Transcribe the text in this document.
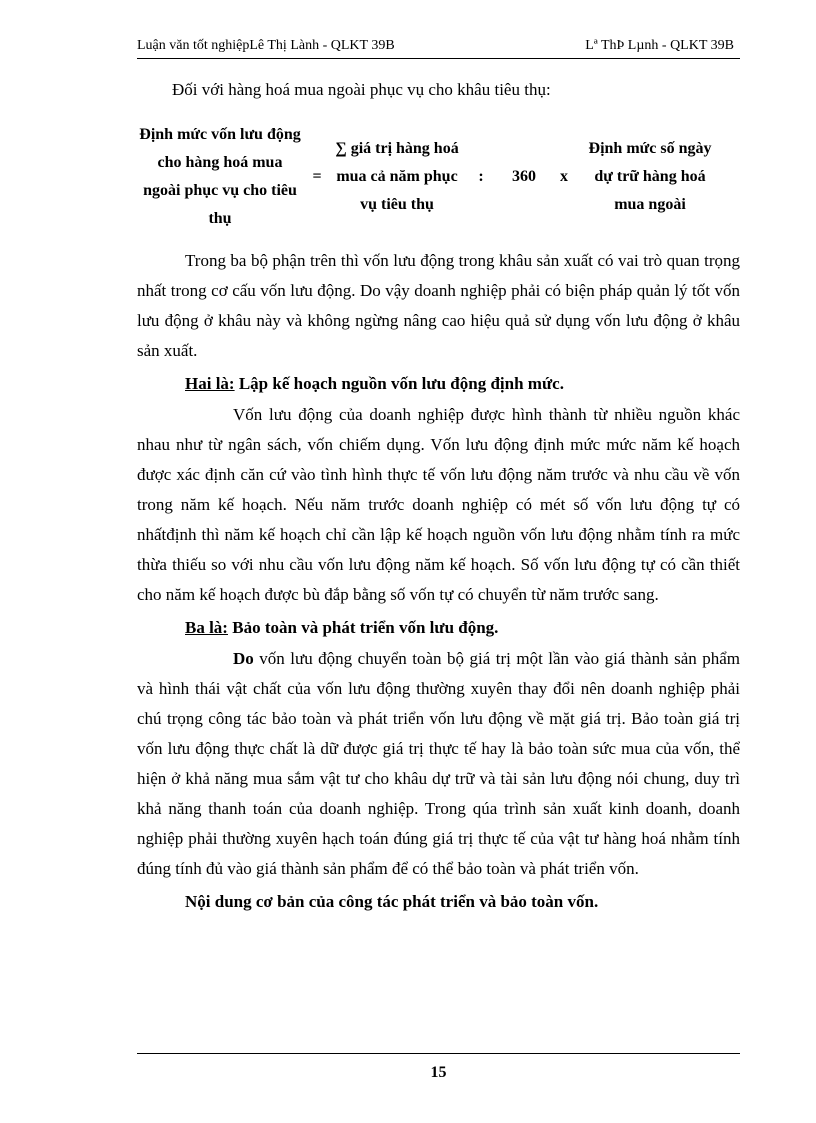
Luận văn tốt nghiệpLê Thị Lành - QLKT 39B	Lª ThÞ Lµnh - QLKT 39B

Đối với hàng hoá mua ngoài phục vụ cho khâu tiêu thụ:

Định mức vốn lưu động cho hàng hoá mua ngoài phục vụ cho tiêu thụ
=
∑ giá trị hàng hoá mua cả năm phục vụ tiêu thụ
:	360	x
Định mức số ngày dự trữ hàng hoá mua ngoài

Trong ba bộ phận trên thì vốn lưu động trong khâu sản xuất có vai trò quan trọng nhất trong cơ cấu vốn lưu động. Do vậy doanh nghiệp phải có biện pháp quản lý tốt vốn lưu động ở khâu này và không ngừng nâng cao hiệu quả sử dụng vốn lưu động ở khâu sản xuất.

Hai là: Lập kế hoạch nguồn vốn lưu động định mức.

Vốn lưu động của doanh nghiệp được hình thành từ nhiều nguồn khác nhau như từ ngân sách, vốn chiếm dụng. Vốn lưu động định mức mức năm kế hoạch được xác định căn cứ vào tình hình thực tế vốn lưu động năm trước và nhu cầu về vốn trong năm kế hoạch. Nếu năm trước doanh nghiệp có mét số vốn lưu động tự có nhấtđịnh thì năm kế hoạch chỉ cần lập kế hoạch nguồn vốn lưu động nhằm tính ra mức thừa thiếu so với nhu cầu vốn lưu động năm kế hoạch. Số vốn lưu động tự có cần thiết cho năm kế hoạch được bù đắp bằng số vốn tự có chuyển từ năm trước sang.

Ba là: Bảo toàn và phát triển vốn lưu động.

Do vốn lưu động chuyển toàn bộ giá trị một lần vào giá thành sản phẩm và hình thái vật chất của vốn lưu động thường xuyên thay đổi nên doanh nghiệp phải chú trọng công tác bảo toàn và phát triển vốn lưu động về mặt giá trị. Bảo toàn giá trị vốn lưu động thực chất là dữ được giá trị thực tế hay là bảo toàn sức mua của vốn, thể hiện ở khả năng mua sắm vật tư cho khâu dự trữ và tài sản lưu động nói chung, duy trì khả năng thanh toán của doanh nghiệp. Trong qúa trình sản xuất kinh doanh, doanh nghiệp phải thường xuyên hạch toán đúng giá trị thực tế của vật tư hàng hoá nhằm tính đúng tính đủ vào giá thành sản phẩm để có thể bảo toàn và phát triển vốn.

Nội dung cơ bản của công tác phát triển và bảo toàn vốn.

15
